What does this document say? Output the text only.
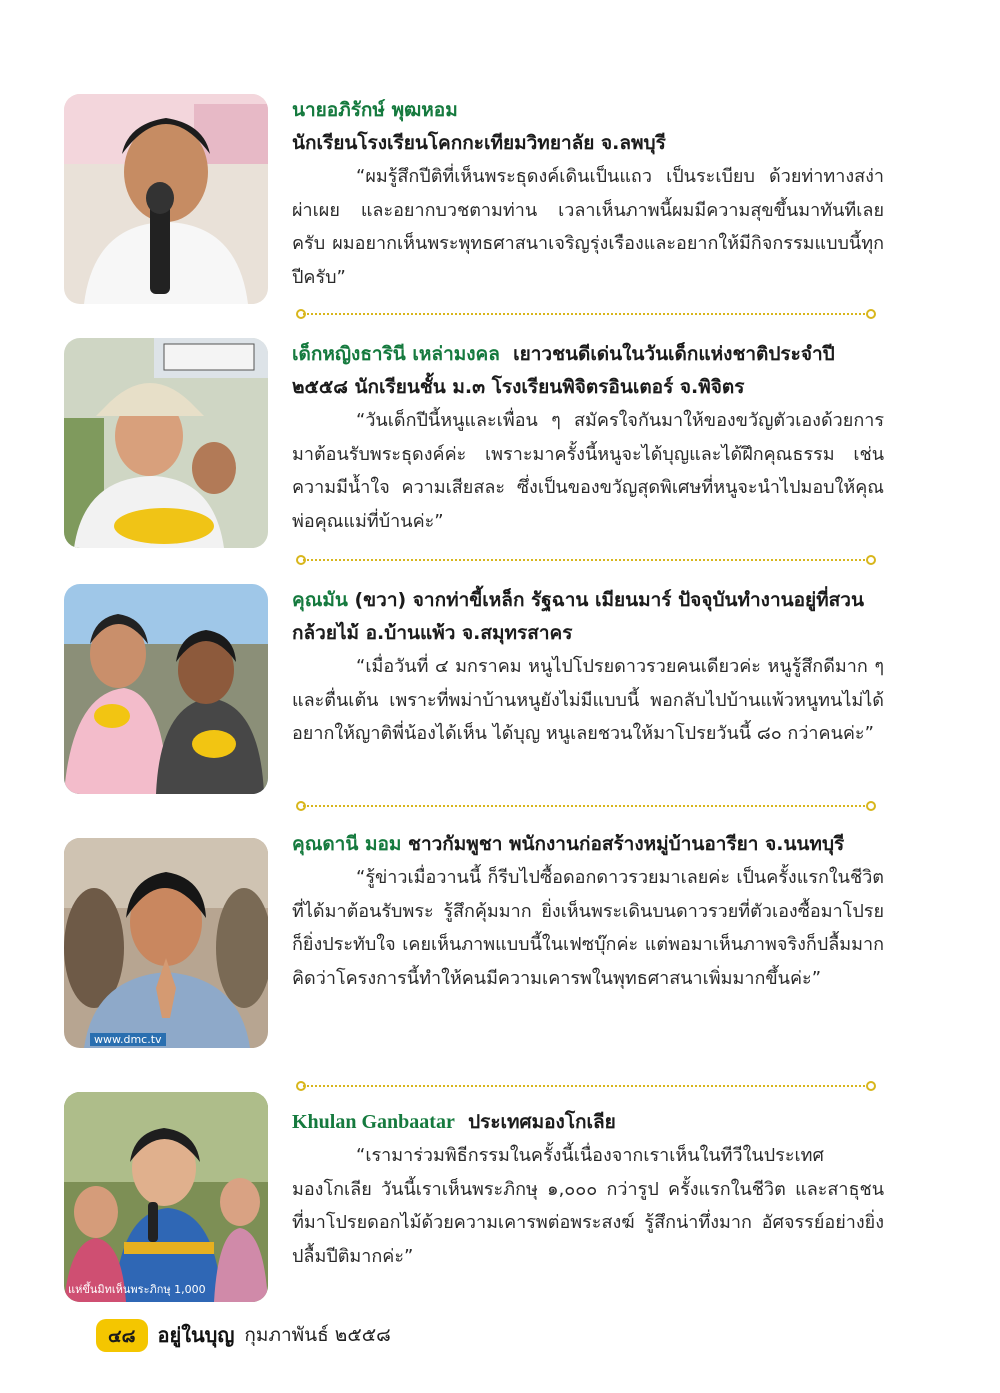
นายอภิรักษ์ พุฒหอม

นักเรียนโรงเรียนโคกกะเทียมวิทยาลัย จ.ลพบุรี

“ผมรู้สึกปีติที่เห็นพระธุดงค์เดินเป็นแถว เป็นระเบียบ ด้วยท่าทางสง่าผ่าเผย และอยากบวชตามท่าน เวลาเห็นภาพนี้ผมมีความสุขขึ้นมาทันทีเลยครับ ผมอยากเห็นพระพุทธศาสนาเจริญรุ่งเรืองและอยากให้มีกิจกรรมแบบนี้ทุกปีครับ”

เด็กหญิงธารินี เหล่ามงคล เยาวชนดีเด่นในวันเด็กแห่งชาติประจำปี ๒๕๕๘ นักเรียนชั้น ม.๓ โรงเรียนพิจิตรอินเตอร์ จ.พิจิตร

“วันเด็กปีนี้หนูและเพื่อน ๆ สมัครใจกันมาให้ของขวัญตัวเองด้วยการมาต้อนรับพระธุดงค์ค่ะ เพราะมาครั้งนี้หนูจะได้บุญและได้ฝึกคุณธรรม เช่น ความมีน้ำใจ ความเสียสละ ซึ่งเป็นของขวัญสุดพิเศษที่หนูจะนำไปมอบให้คุณพ่อคุณแม่ที่บ้านค่ะ”

คุณมัน (ขวา) จากท่าขี้เหล็ก รัฐฉาน เมียนมาร์ ปัจจุบันทำงานอยู่ที่สวนกล้วยไม้ อ.บ้านแพ้ว จ.สมุทรสาคร

“เมื่อวันที่ ๔ มกราคม หนูไปโปรยดาวรวยคนเดียวค่ะ หนูรู้สึกดีมาก ๆ และตื่นเต้น เพราะที่พม่าบ้านหนูยังไม่มีแบบนี้ พอกลับไปบ้านแพ้วหนูทนไม่ได้ อยากให้ญาติพี่น้องได้เห็น ได้บุญ หนูเลยชวนให้มาโปรยวันนี้ ๘๐ กว่าคนค่ะ”

www.dmc.tv

คุณดานี มอม ชาวกัมพูชา พนักงานก่อสร้างหมู่บ้านอารียา จ.นนทบุรี

“รู้ข่าวเมื่อวานนี้ ก็รีบไปซื้อดอกดาวรวยมาเลยค่ะ เป็นครั้งแรกในชีวิตที่ได้มาต้อนรับพระ รู้สึกคุ้มมาก ยิ่งเห็นพระเดินบนดาวรวยที่ตัวเองซื้อมาโปรยก็ยิ่งประทับใจ เคยเห็นภาพแบบนี้ในเฟซบุ๊กค่ะ แต่พอมาเห็นภาพจริงก็ปลื้มมาก คิดว่าโครงการนี้ทำให้คนมีความเคารพในพุทธศาสนาเพิ่มมากขึ้นค่ะ”

แห่ขึ้นมิทเห็นพระภิกษุ 1,000

Khulan Ganbaatar ประเทศมองโกเลีย

“เรามาร่วมพิธีกรรมในครั้งนี้เนื่องจากเราเห็นในทีวีในประเทศมองโกเลีย วันนี้เราเห็นพระภิกษุ ๑,๐๐๐ กว่ารูป ครั้งแรกในชีวิต และสาธุชนที่มาโปรยดอกไม้ด้วยความเคารพต่อพระสงฆ์ รู้สึกน่าทึ่งมาก อัศจรรย์อย่างยิ่ง ปลื้มปีติมากค่ะ”

๔๘	อยู่ในบุญ กุมภาพันธ์ ๒๕๕๘
